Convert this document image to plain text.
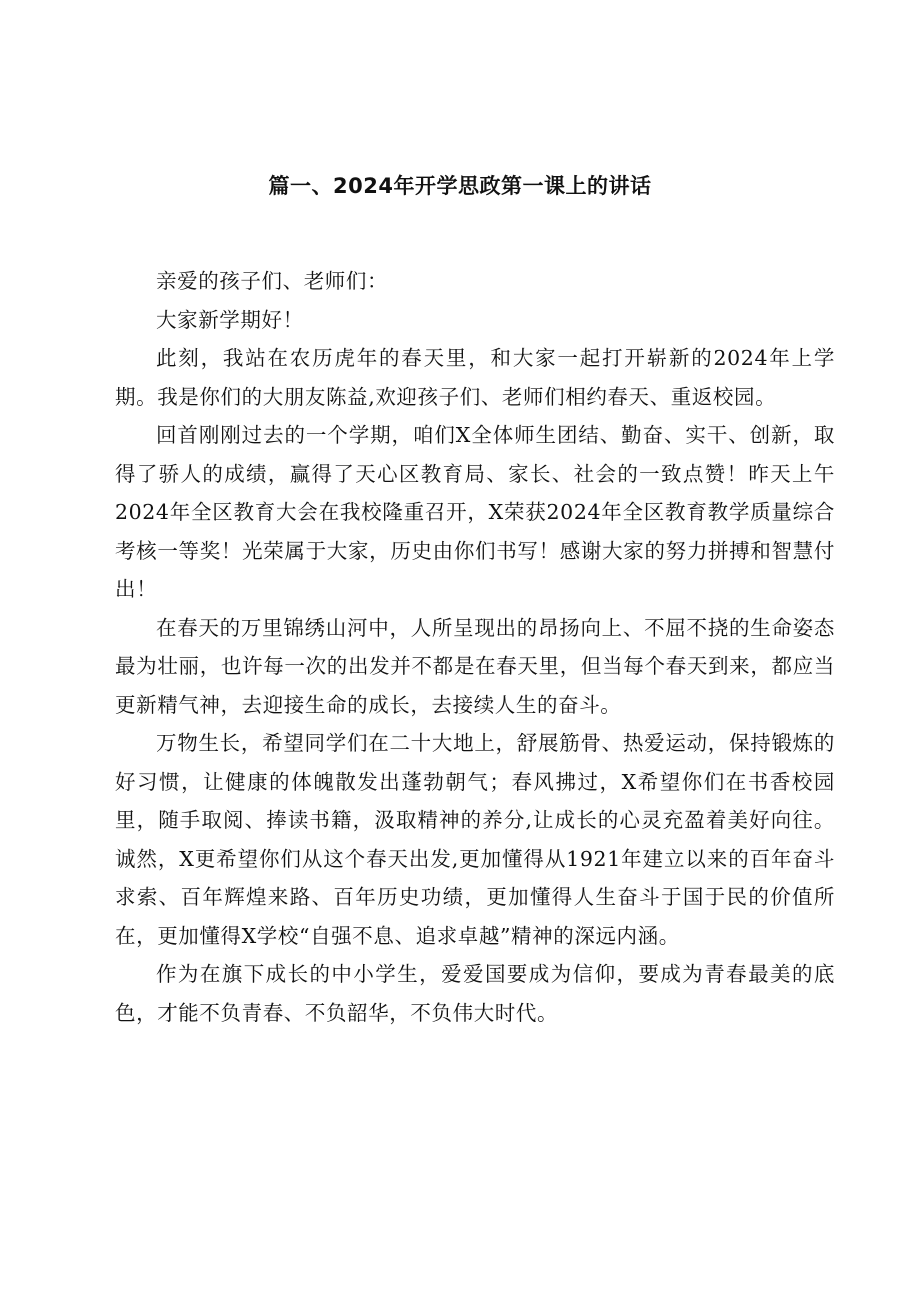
篇一、2024年开学思政第一课上的讲话

亲爱的孩子们、老师们：

大家新学期好！

此刻，我站在农历虎年的春天里，和大家一起打开崭新的2024年上学期。我是你们的大朋友陈益,欢迎孩子们、老师们相约春天、重返校园。

回首刚刚过去的一个学期，咱们X全体师生团结、勤奋、实干、创新，取得了骄人的成绩，赢得了天心区教育局、家长、社会的一致点赞！昨天上午2024年全区教育大会在我校隆重召开，X荣获2024年全区教育教学质量综合考核一等奖！光荣属于大家，历史由你们书写！感谢大家的努力拼搏和智慧付出！

在春天的万里锦绣山河中，人所呈现出的昂扬向上、不屈不挠的生命姿态最为壮丽，也许每一次的出发并不都是在春天里，但当每个春天到来，都应当更新精气神，去迎接生命的成长，去接续人生的奋斗。

万物生长，希望同学们在二十大地上，舒展筋骨、热爱运动，保持锻炼的好习惯，让健康的体魄散发出蓬勃朝气；春风拂过，X希望你们在书香校园里，随手取阅、捧读书籍，汲取精神的养分,让成长的心灵充盈着美好向往。诚然，X更希望你们从这个春天出发,更加懂得从1921年建立以来的百年奋斗求索、百年辉煌来路、百年历史功绩，更加懂得人生奋斗于国于民的价值所在，更加懂得X学校“自强不息、追求卓越”精神的深远内涵。

作为在旗下成长的中小学生，爱爱国要成为信仰，要成为青春最美的底色，才能不负青春、不负韶华，不负伟大时代。
